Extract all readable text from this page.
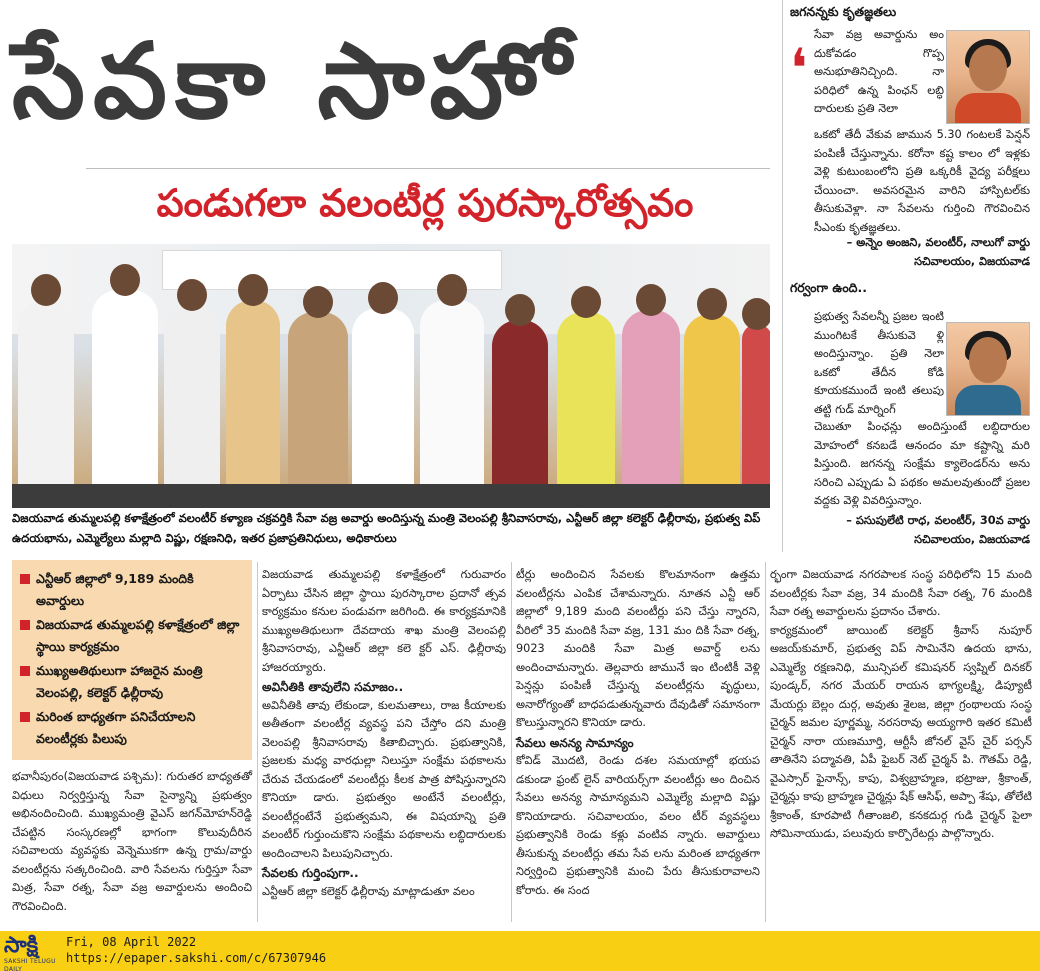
సేవకా సాహో
పండుగలా వలంటీర్ల పురస్కారోత్సవం
విజయవాడ తుమ్మలపల్లి కళాక్షేత్రంలో వలంటీర్ కళ్యాణ చక్రవర్తికి సేవా వజ్ర అవార్డు అందిస్తున్న మంత్రి వెలంపల్లి శ్రీనివాసరావు, ఎన్టీఆర్ జిల్లా కలెక్టర్ ఢిల్లీరావు, ప్రభుత్వ విప్ ఉదయభాను, ఎమ్మెల్యేలు మల్లాది విష్ణు, రక్షణనిధి, ఇతర ప్రజాప్రతినిధులు, అధికారులు
ఎన్టీఆర్ జిల్లాలో 9,189 మందికి అవార్డులు
విజయవాడ తుమ్మలపల్లి కళాక్షేత్రంలో జిల్లా స్థాయి కార్యక్రమం
ముఖ్యఅతిథులుగా హాజరైన మంత్రి వెలంపల్లి, కలెక్టర్ ఢిల్లీరావు
మరింత బాధ్యతగా పనిచేయాలని వలంటీర్లకు పిలుపు

భవానీపురం(విజయవాడ పశ్చిమ): గురుతర బాధ్యతతో విధులు నిర్వర్తిస్తున్న సేవా సైన్యాన్ని ప్రభుత్వం అభినందించింది. ముఖ్యమంత్రి వైఎస్ జగన్‌మోహన్‌రెడ్డి చేపట్టిన సంస్కరణల్లో భాగంగా కొలువుదీరిన సచివాలయ వ్యవస్థకు వెన్నెముకగా ఉన్న గ్రామ/వార్డు వలంటీర్లను సత్కరించింది. వారి సేవలను గుర్తిస్తూ సేవా మిత్ర, సేవా రత్న, సేవా వజ్ర అవార్డులను అందించి గౌరవించింది.

విజయవాడ తుమ్మలపల్లి కళాక్షేత్రంలో గురువారం ఏర్పాటు చేసిన జిల్లా స్థాయి పురస్కారాల ప్రదానో త్సవ కార్యక్రమం కనుల పండువగా జరిగింది. ఈ కార్యక్రమానికి ముఖ్యఅతిథులుగా దేవదాయ శాఖ మంత్రి వెలంపల్లి శ్రీనివాసరావు, ఎన్టీఆర్ జిల్లా కలె క్టర్ ఎస్. ఢిల్లీరావు హాజరయ్యారు.

అవినీతికి తావులేని సమాజం..

అవినీతికి తావు లేకుండా, కులమతాలు, రాజ కీయాలకు అతీతంగా వలంటీర్ల వ్యవస్థ పని చేస్తోం దని మంత్రి వెలంపల్లి శ్రీనివాసరావు కితాబిచ్చారు. ప్రభుత్వానికి, ప్రజలకు మధ్య వారధుల్లా నిలుస్తూ సంక్షేమ పథకాలను చేరువ చేయడంలో వలంటీర్లు కీలక పాత్ర పోషిస్తున్నారని కొనియా డారు. ప్రభుత్వం అంటేనే వలంటీర్లు, వలంటీర్లంటేనే ప్రభుత్వమని, ఈ విషయాన్ని ప్రతి వలంటీర్ గుర్తుంచుకొని సంక్షేమ పథకాలను లబ్ధిదారులకు అందించాలని పిలుపునిచ్చారు.

సేవలకు గుర్తింపుగా..

ఎన్టీఆర్ జిల్లా కలెక్టర్ ఢిల్లీరావు మాట్లాడుతూ వలం

టీర్లు అందించిన సేవలకు కొలమానంగా ఉత్తమ వలంటీర్లను ఎంపిక చేశామన్నారు. నూతన ఎన్టీ ఆర్ జిల్లాలో 9,189 మంది వలంటీర్లు పని చేస్తు న్నారని, వీరిలో 35 మందికి సేవా వజ్ర, 131 మం దికి సేవా రత్న, 9023 మందికి సేవా మిత్ర అవార్డ్ లను అందించామన్నారు. తెల్లవారు జామునే ఇం టింటికీ వెళ్లి పెన్షన్లు పంపిణీ చేస్తున్న వలంటీర్లను వృద్ధులు, అనారోగ్యంతో బాధపడుతున్నవారు దేవుడితో సమానంగా కొలుస్తున్నారని కొనియా డారు.

సేవలు అనన్య సామాన్యం

కోవిడ్ మొదటి, రెండు దశల సమయాల్లో భయప డకుండా ఫ్రంట్ లైన్ వారియర్స్‌గా వలంటీర్లు అం దించిన సేవలు అనన్య సామాన్యమని ఎమ్మెల్యే మల్లాది విష్ణు కొనియాడారు. సచివాలయం, వలం టీర్ వ్యవస్థలు ప్రభుత్వానికి రెండు కళ్లు వంటివ న్నారు. అవార్డులు తీసుకున్న వలంటీర్లు తమ సేవ లను మరింత బాధ్యతగా నిర్వర్తించి ప్రభుత్వానికి మంచి పేరు తీసుకురావాలని కోరారు. ఈ సంద

ర్భంగా విజయవాడ నగరపాలక సంస్థ పరిధిలోని 15 మంది వలంటీర్లకు సేవా వజ్ర, 34 మందికి సేవా రత్న, 76 మందికి సేవా రత్న అవార్డులను ప్రదానం చేశారు.

కార్యక్రమంలో జాయింట్ కలెక్టర్ శ్రీవాస్ నుపూర్ అజయ్‌కుమార్, ప్రభుత్వ విప్ సామినేని ఉదయ భాను, ఎమ్మెల్యే రక్షణనిధి, మున్సిపల్ కమిషనర్ స్వప్నిల్ దినకర్ పుండ్కర్, నగర మేయర్ రాయన భాగ్యలక్ష్మి, డిప్యూటీ మేయర్లు బెల్లం దుర్గ, అవుతు శైలజ, జిల్లా గ్రంథాలయ సంస్థ చైర్మన్ జమల పూర్ణమ్మ, నరసరావు అయ్యగారి ఇతర కమిటీ చైర్మన్ నారా యణమూర్తి, ఆర్టీసీ జోనల్ వైస్ చైర్ పర్సన్ తాతినేని పద్మావతి, ఏపీ ఫైబర్ నెట్ చైర్మన్ పి. గౌతమ్ రెడ్డి, వైఎస్సార్ ఫైనాన్స్, కాపు, విశ్వబ్రాహ్మణ, భట్రాజు, శ్రీకాంత్, చైర్మన్లు కాపు బ్రాహ్మణ చైర్మన్లు షేక్ ఆసిఫ్, అప్పా శేషు, తోలేటి శ్రీకాంత్, కూరపాటి గీతాంజలి, కనకదుర్గ గుడి చైర్మన్ పైలా సోమినాయుడు, పలువురు కార్పొరేటర్లు పాల్గొన్నారు.

జగనన్నకు కృతజ్ఞతలు
❛
సేవా వజ్ర అవార్డును అం దుకోవడం గొప్ప అనుభూతినిచ్చింది. నా పరిధిలో ఉన్న పింఛన్ లబ్ధి దారులకు ప్రతి నెలా
ఒకటో తేదీ వేకువ జామున 5.30 గంటలకే పెన్షన్ పంపిణీ చేస్తున్నాను. కరోనా కష్ట కాలం లో ఇళ్లకు వెళ్లి కుటుంబంలోని ప్రతి ఒక్కరికీ వైద్య పరీక్షలు చేయించా. అవసరమైన వారిని హాస్పిటల్‌కు తీసుకువెళ్లా. నా సేవలను గుర్తించి గౌరవించిన సీఎంకు కృతజ్ఞతలు.
– అన్నెం అంజని, వలంటీర్, నాలుగో వార్డు
సచివాలయం, విజయవాడ
గర్వంగా ఉంది..
ప్రభుత్వ సేవలన్నీ ప్రజల ఇంటి ముంగిటకే తీసుకువె ళ్లి అందిస్తున్నాం. ప్రతి నెలా ఒకటో తేదీన కోడి కూయకముందే ఇంటి తలుపు తట్టి గుడ్ మార్నింగ్
చెబుతూ పింఛన్లు అందిస్తుంటే లబ్ధిదారుల మోహంలో కనబడే ఆనందం మా కష్టాన్ని మరి పిస్తుంది. జగనన్న సంక్షేమ క్యాలెండర్‌ను అను సరించి ఎప్పుడు ఏ పథకం అమలవుతుందో ప్రజల వద్దకు వెళ్లి వివరిస్తున్నాం.
– పసుపులేటి రాధ, వలంటీర్, 30వ వార్డు
సచివాలయం, విజయవాడ
సాక్షి
SAKSHI TELUGU DAILY
Fri, 08 April 2022
https://epaper.sakshi.com/c/67307946
